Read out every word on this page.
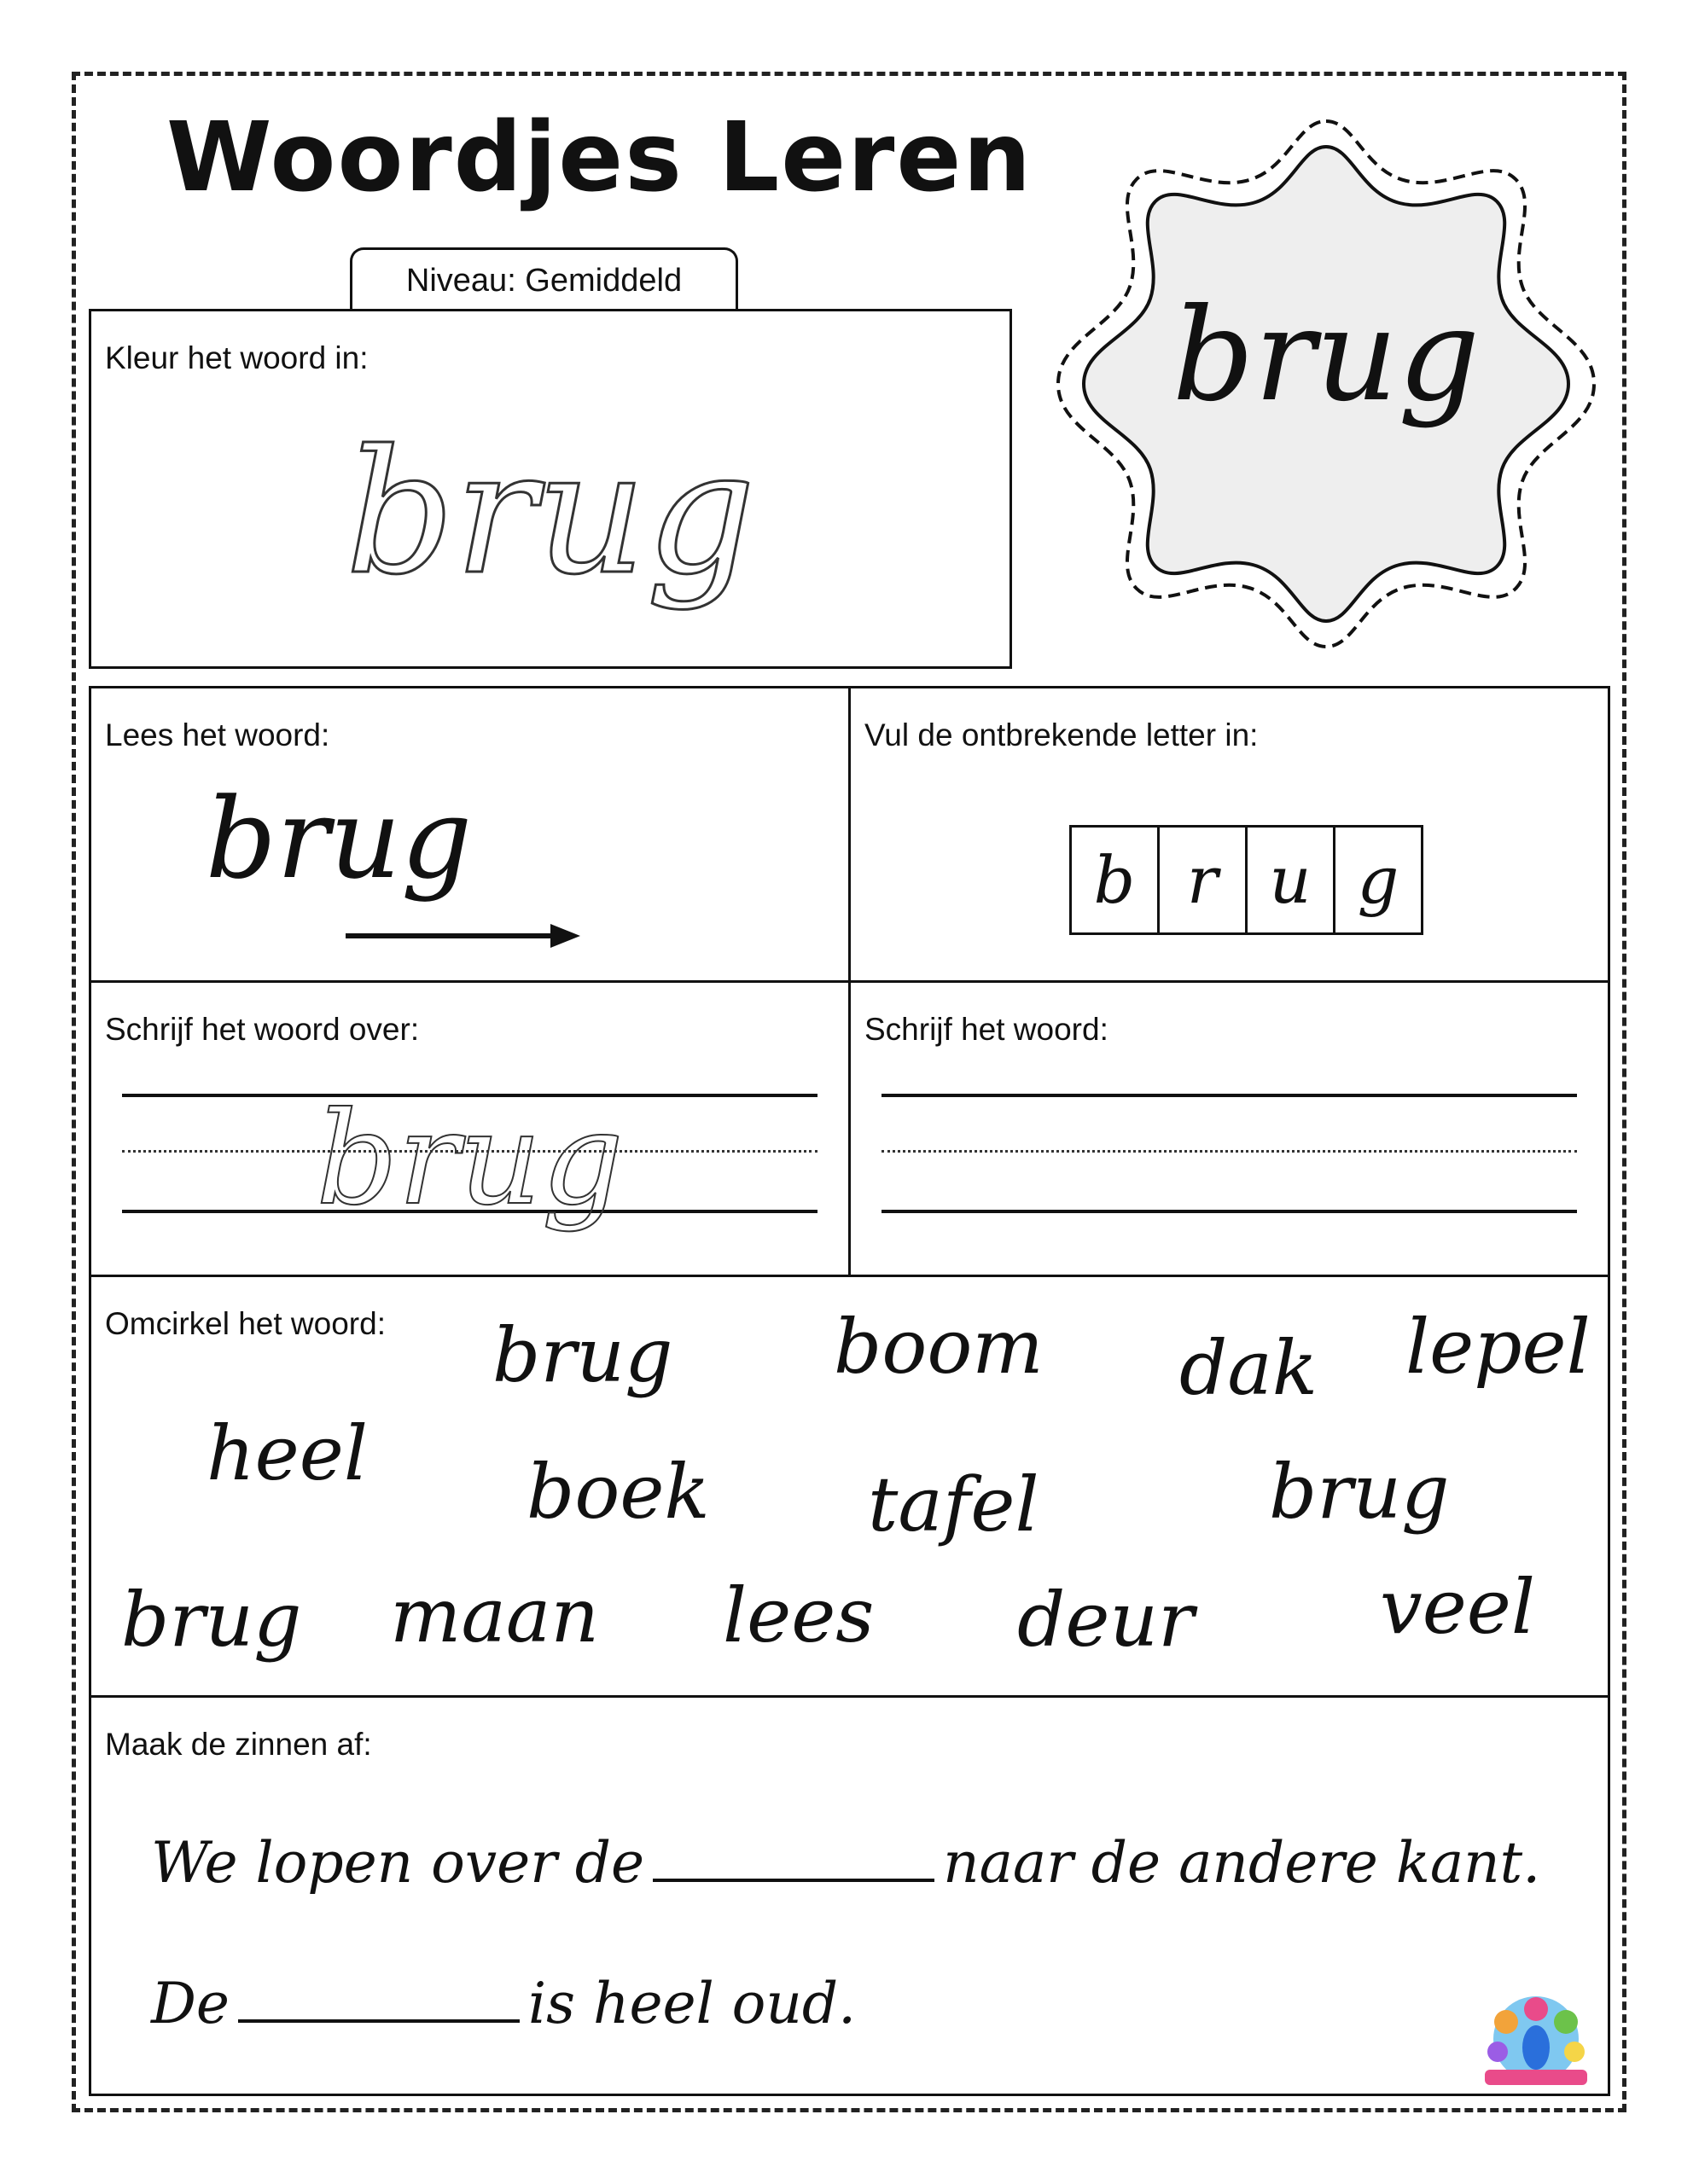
Woordjes Leren
Niveau: Gemiddeld
brug
Kleur het woord in:
brug
Lees het woord:
brug
Vul de ontbrekende letter in:
b r u g
Schrijf het woord over:
brug
Schrijf het woord:
Omcirkel het woord: brug boom dak lepel
heel boek tafel	brug
brug maan lees deur veel
Maak de zinnen af:
We lopen over de	naar de andere kant.
De	is heel oud.
